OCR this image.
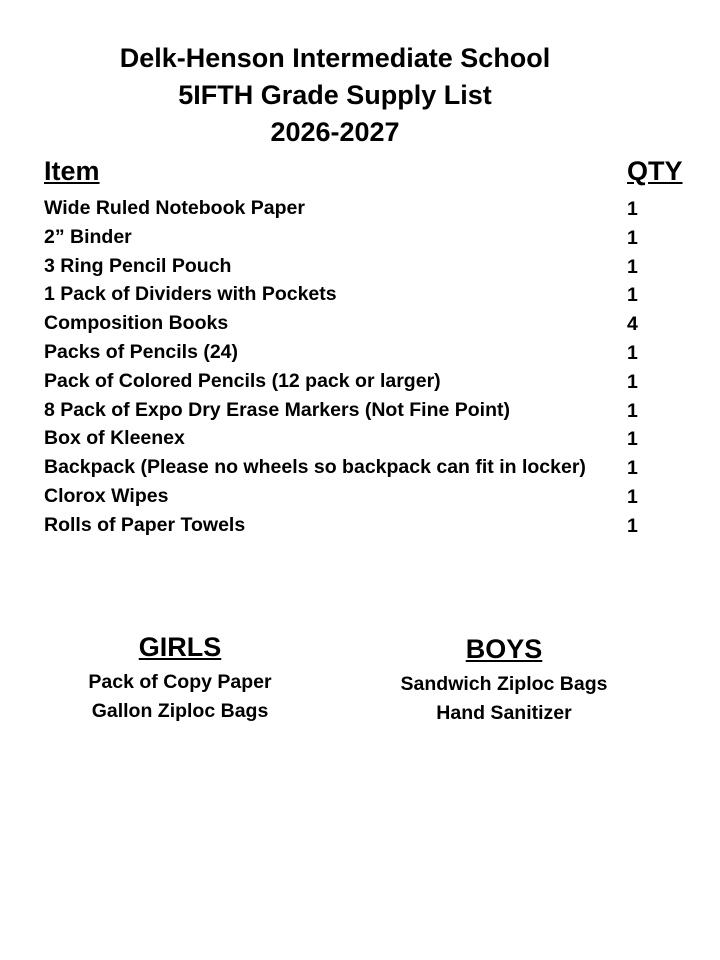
Delk-Henson Intermediate School
5IFTH Grade Supply List
2026-2027
Item	QTY
Wide Ruled Notebook Paper	1
2” Binder	1
3 Ring Pencil Pouch	1
1 Pack of Dividers with Pockets	1
Composition Books	4
Packs of Pencils (24)	1
Pack of Colored Pencils (12 pack or larger)	1
8 Pack of Expo Dry Erase Markers (Not Fine Point)	1
Box of Kleenex	1
Backpack (Please no wheels so backpack can fit in locker) 1
Clorox Wipes	1
Rolls of Paper Towels	1
GIRLS
Pack of Copy Paper
Gallon Ziploc Bags
BOYS
Sandwich Ziploc Bags
Hand Sanitizer
